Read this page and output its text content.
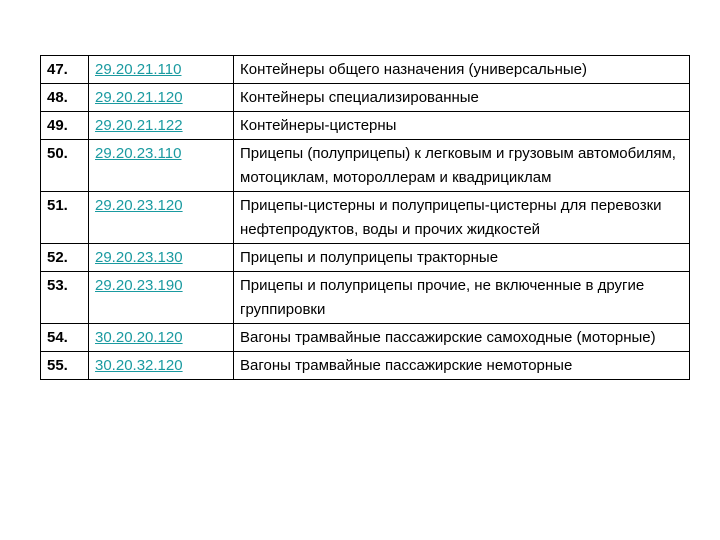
47.	29.20.21.110	Контейнеры общего назначения (универсальные)
48.	29.20.21.120	Контейнеры специализированные
49.	29.20.21.122	Контейнеры-цистерны
50.	29.20.23.110	Прицепы (полуприцепы) к легковым и грузовым автомобилям, мотоциклам, мотороллерам и квадрициклам
51.	29.20.23.120	Прицепы-цистерны и полуприцепы-цистерны для перевозки нефтепродуктов, воды и прочих жидкостей
52.	29.20.23.130	Прицепы и полуприцепы тракторные
53.	29.20.23.190	Прицепы и полуприцепы прочие, не включенные в другие группировки
54.	30.20.20.120	Вагоны трамвайные пассажирские самоходные (моторные)
55.	30.20.32.120	Вагоны трамвайные пассажирские немоторные
